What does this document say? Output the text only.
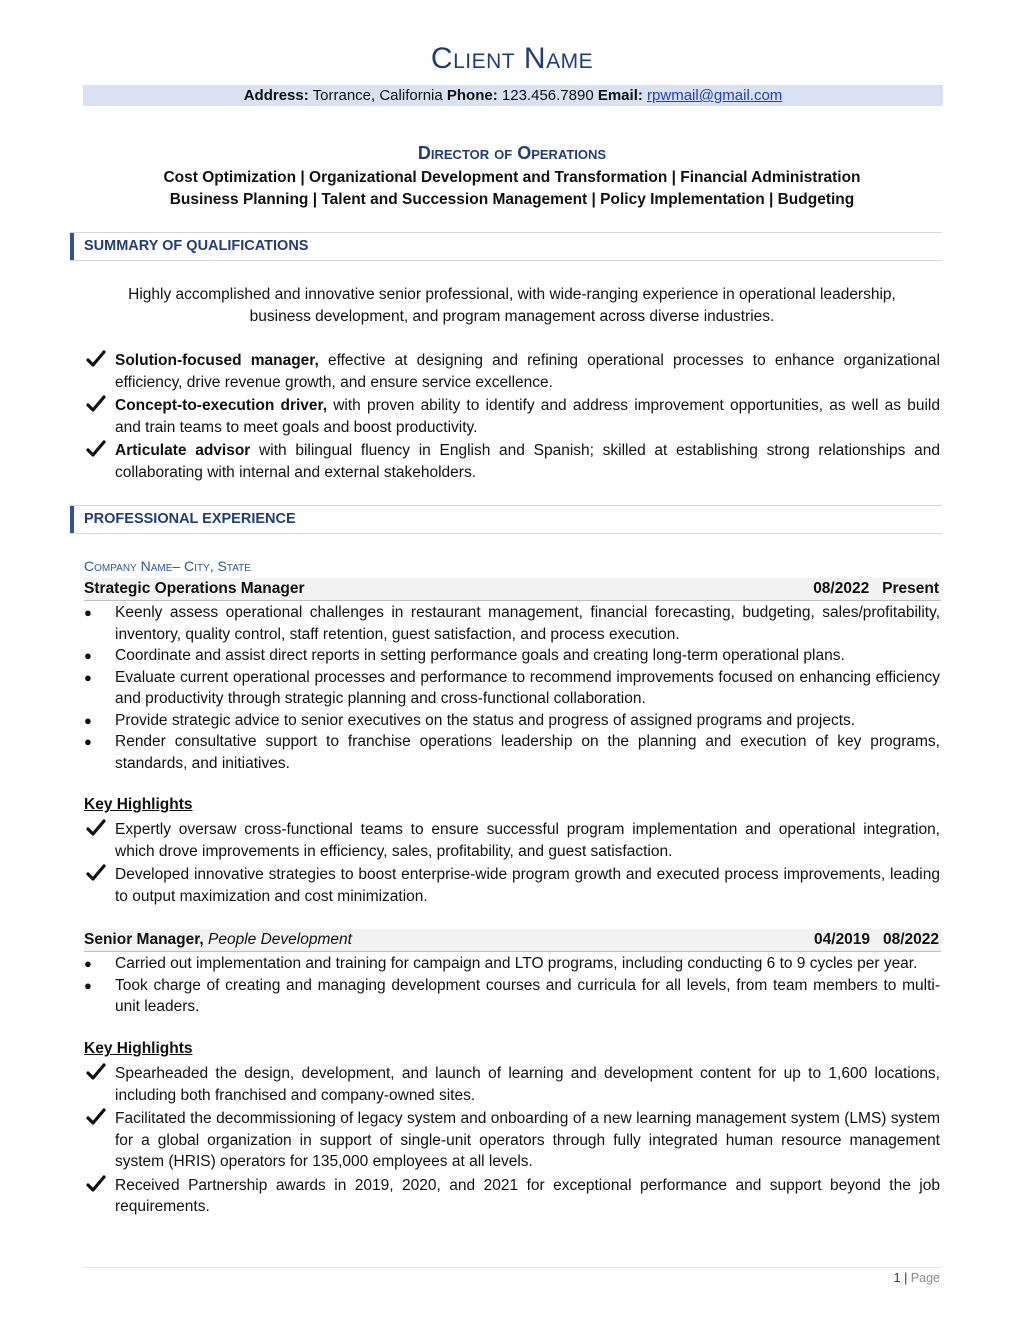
Client Name
Address: Torrance, California Phone: 123.456.7890 Email: rpwmail@gmail.com
Director of Operations
Cost Optimization | Organizational Development and Transformation | Financial Administration
Business Planning | Talent and Succession Management | Policy Implementation | Budgeting
SUMMARY OF QUALIFICATIONS
Highly accomplished and innovative senior professional, with wide-ranging experience in operational leadership, business development, and program management across diverse industries.
Solution-focused manager, effective at designing and refining operational processes to enhance organizational efficiency, drive revenue growth, and ensure service excellence.
Concept-to-execution driver, with proven ability to identify and address improvement opportunities, as well as build and train teams to meet goals and boost productivity.
Articulate advisor with bilingual fluency in English and Spanish; skilled at establishing strong relationships and collaborating with internal and external stakeholders.
PROFESSIONAL EXPERIENCE
Company Name– City, State
Strategic Operations Manager	08/2022   Present
●	Keenly assess operational challenges in restaurant management, financial forecasting, budgeting, sales/profitability, inventory, quality control, staff retention, guest satisfaction, and process execution.
●	Coordinate and assist direct reports in setting performance goals and creating long-term operational plans.
●	Evaluate current operational processes and performance to recommend improvements focused on enhancing efficiency and productivity through strategic planning and cross-functional collaboration.
●	Provide strategic advice to senior executives on the status and progress of assigned programs and projects.
●	Render consultative support to franchise operations leadership on the planning and execution of key programs, standards, and initiatives.
Key Highlights
Expertly oversaw cross-functional teams to ensure successful program implementation and operational integration, which drove improvements in efficiency, sales, profitability, and guest satisfaction.
Developed innovative strategies to boost enterprise-wide program growth and executed process improvements, leading to output maximization and cost minimization.
Senior Manager, People Development	04/2019   08/2022
●	Carried out implementation and training for campaign and LTO programs, including conducting 6 to 9 cycles per year.
●	Took charge of creating and managing development courses and curricula for all levels, from team members to multi-unit leaders.
Key Highlights
Spearheaded the design, development, and launch of learning and development content for up to 1,600 locations, including both franchised and company-owned sites.
Facilitated the decommissioning of legacy system and onboarding of a new learning management system (LMS) system for a global organization in support of single-unit operators through fully integrated human resource management system (HRIS) operators for 135,000 employees at all levels.
Received Partnership awards in 2019, 2020, and 2021 for exceptional performance and support beyond the job requirements.
1 | Page
